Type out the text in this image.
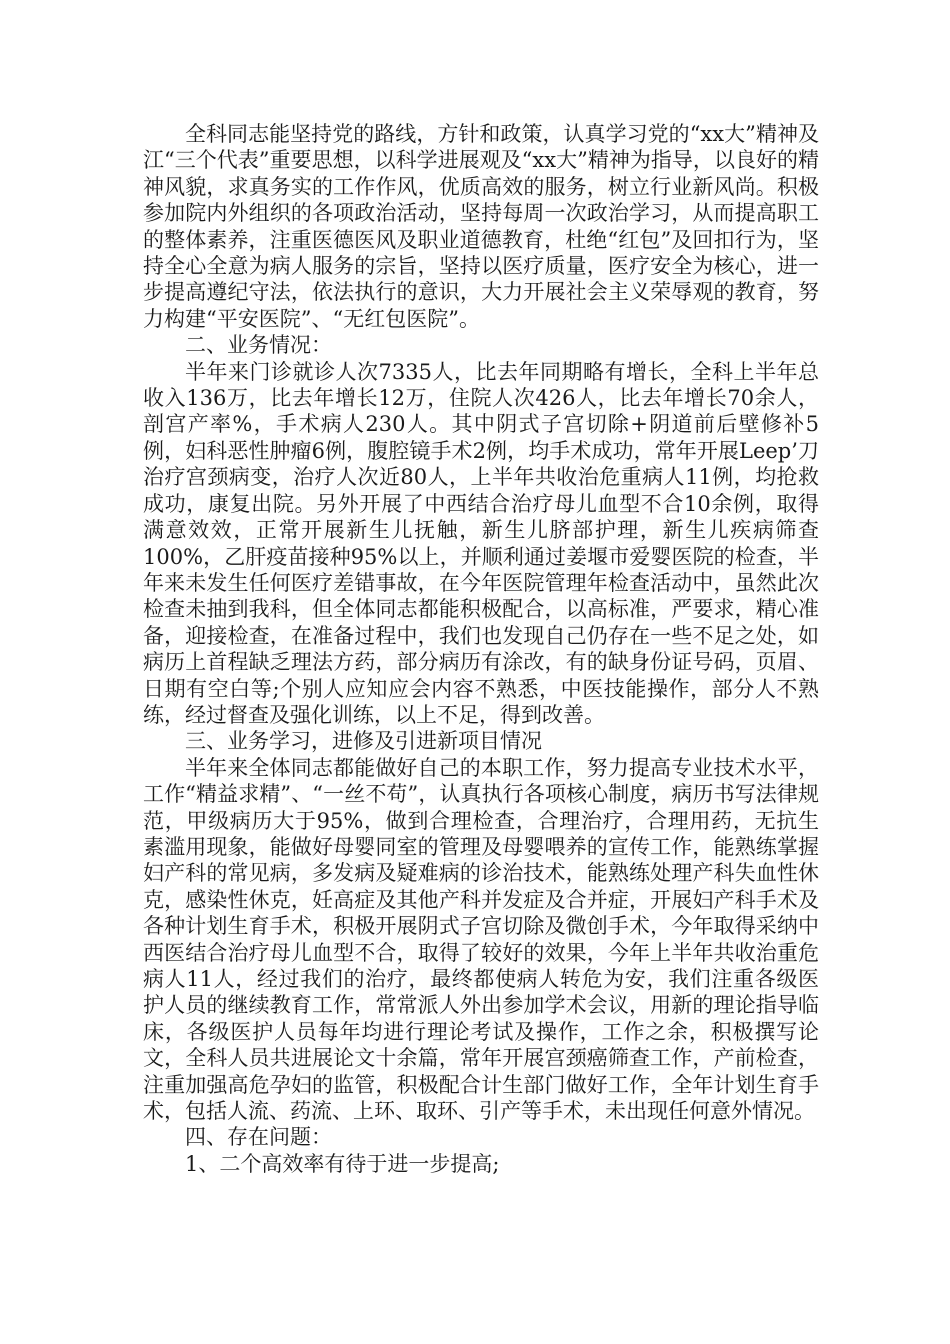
全科同志能坚持党的路线，方针和政策，认真学习党的“xx大”精神及江“三个代表”重要思想，以科学进展观及“xx大”精神为指导，以良好的精神风貌，求真务实的工作作风，优质高效的服务，树立行业新风尚。积极参加院内外组织的各项政治活动，坚持每周一次政治学习，从而提高职工的整体素养，注重医德医风及职业道德教育，杜绝“红包”及回扣行为，坚持全心全意为病人服务的宗旨，坚持以医疗质量，医疗安全为核心，进一步提高遵纪守法，依法执行的意识，大力开展社会主义荣辱观的教育，努力构建“平安医院”、“无红包医院”。

二、业务情况：

半年来门诊就诊人次7335人，比去年同期略有增长，全科上半年总收入136万，比去年增长12万，住院人次426人，比去年增长70余人，剖宫产率%，手术病人230人。其中阴式子宫切除+阴道前后壁修补5例，妇科恶性肿瘤6例，腹腔镜手术2例，均手术成功，常年开展Leep’刀治疗宫颈病变，治疗人次近80人，上半年共收治危重病人11例，均抢救成功，康复出院。另外开展了中西结合治疗母儿血型不合10余例，取得满意效效，正常开展新生儿抚触，新生儿脐部护理，新生儿疾病筛查100%，乙肝疫苗接种95%以上，并顺利通过姜堰市爱婴医院的检查，半年来未发生任何医疗差错事故，在今年医院管理年检查活动中，虽然此次检查未抽到我科，但全体同志都能积极配合，以高标准，严要求，精心准备，迎接检查，在准备过程中，我们也发现自己仍存在一些不足之处，如病历上首程缺乏理法方药，部分病历有涂改，有的缺身份证号码，页眉、日期有空白等;个别人应知应会内容不熟悉，中医技能操作，部分人不熟练，经过督查及强化训练，以上不足，得到改善。

三、业务学习，进修及引进新项目情况

半年来全体同志都能做好自己的本职工作，努力提高专业技术水平，工作“精益求精”、“一丝不苟”，认真执行各项核心制度，病历书写法律规范，甲级病历大于95%，做到合理检查，合理治疗，合理用药，无抗生素滥用现象，能做好母婴同室的管理及母婴喂养的宣传工作，能熟练掌握妇产科的常见病，多发病及疑难病的诊治技术，能熟练处理产科失血性休克，感染性休克，妊高症及其他产科并发症及合并症，开展妇产科手术及各种计划生育手术，积极开展阴式子宫切除及微创手术，今年取得采纳中西医结合治疗母儿血型不合，取得了较好的效果，今年上半年共收治重危病人11人，经过我们的治疗，最终都使病人转危为安，我们注重各级医护人员的继续教育工作，常常派人外出参加学术会议，用新的理论指导临床，各级医护人员每年均进行理论考试及操作，工作之余，积极撰写论文，全科人员共进展论文十余篇，常年开展宫颈癌筛查工作，产前检查，注重加强高危孕妇的监管，积极配合计生部门做好工作，全年计划生育手术，包括人流、药流、上环、取环、引产等手术，未出现任何意外情况。

四、存在问题：

1、二个高效率有待于进一步提高;
